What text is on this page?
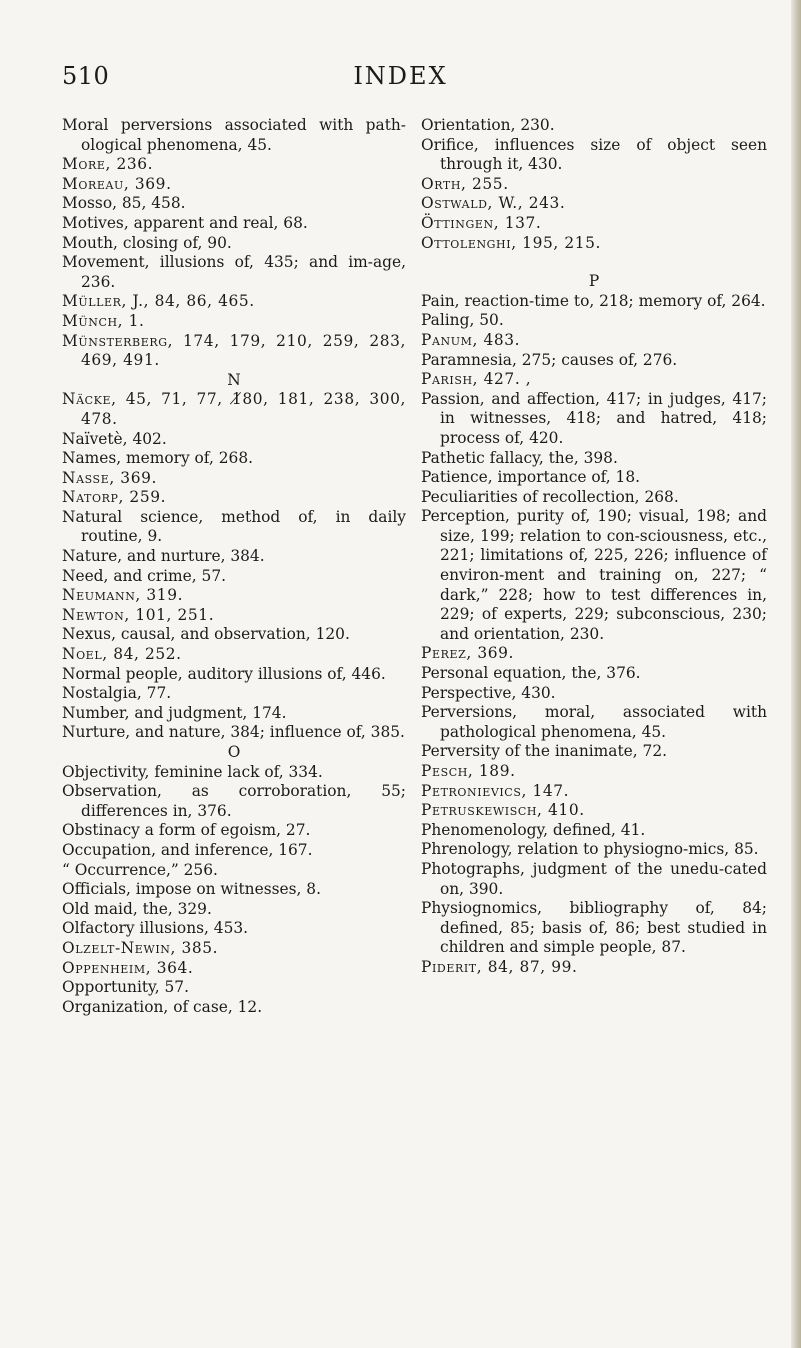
INDEX
510
Moral perversions associated with path-ological phenomena, 45.
More, 236.
Moreau, 369.
Mosso, 85, 458.
Motives, apparent and real, 68.
Mouth, closing of, 90.
Movement, illusions of, 435; and im-age, 236.
Müller, J., 84, 86, 465.
Münch, 1.
Münsterberg, 174, 179, 210, 259, 283, 469, 491.
N
Näcke, 45, 71, 77, 1̸80, 181, 238, 300, 478.
Naïvetè, 402.
Names, memory of, 268.
Nasse, 369.
Natorp, 259.
Natural science, method of, in daily routine, 9.
Nature, and nurture, 384.
Need, and crime, 57.
Neumann, 319.
Newton, 101, 251.
Nexus, causal, and observation, 120.
Noel, 84, 252.
Normal people, auditory illusions of, 446.
Nostalgia, 77.
Number, and judgment, 174.
Nurture, and nature, 384; influence of, 385.
O
Objectivity, feminine lack of, 334.
Observation, as corroboration, 55; differences in, 376.
Obstinacy a form of egoism, 27.
Occupation, and inference, 167.
“ Occurrence,” 256.
Officials, impose on witnesses, 8.
Old maid, the, 329.
Olfactory illusions, 453.
Olzelt-Newin, 385.
Oppenheim, 364.
Opportunity, 57.
Organization, of case, 12.
Orientation, 230.
Orifice, influences size of object seen through it, 430.
Orth, 255.
Ostwald, W., 243.
Öttingen, 137.
Ottolenghi, 195, 215.
P
Pain, reaction-time to, 218; memory of, 264.
Paling, 50.
Panum, 483.
Paramnesia, 275; causes of, 276.
Parish, 427. ,
Passion, and affection, 417; in judges, 417; in witnesses, 418; and hatred, 418; process of, 420.
Pathetic fallacy, the, 398.
Patience, importance of, 18.
Peculiarities of recollection, 268.
Perception, purity of, 190; visual, 198; and size, 199; relation to con-sciousness, etc., 221; limitations of, 225, 226; influence of environ-ment and training on, 227; “ dark,” 228; how to test differences in, 229; of experts, 229; subconscious, 230; and orientation, 230.
Perez, 369.
Personal equation, the, 376.
Perspective, 430.
Perversions, moral, associated with pathological phenomena, 45.
Perversity of the inanimate, 72.
Pesch, 189.
Petronievics, 147.
Petruskewisch, 410.
Phenomenology, defined, 41.
Phrenology, relation to physiogno-mics, 85.
Photographs, judgment of the unedu-cated on, 390.
Physiognomics, bibliography of, 84; defined, 85; basis of, 86; best studied in children and simple people, 87.
Piderit, 84, 87, 99.
